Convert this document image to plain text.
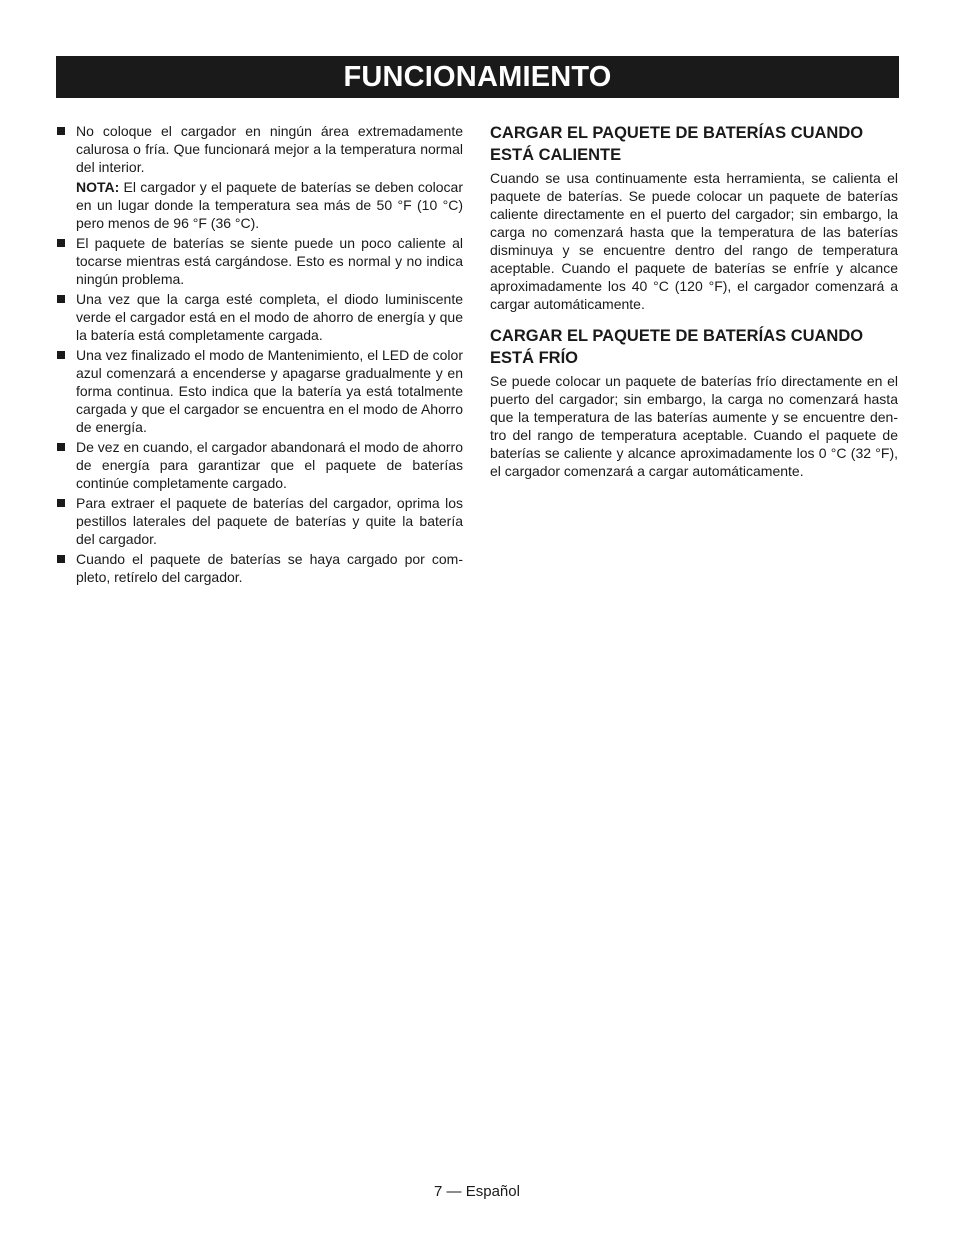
FUNCIONAMIENTO
No coloque el cargador en ningún área extremadamente calurosa o fría. Que funcionará mejor a la temperatura normal del interior.
NOTA: El cargador y el paquete de baterías se deben colocar en un lugar donde la temperatura sea más de 50 °F (10 °C) pero menos de 96 °F (36 °C).
El paquete de baterías se siente puede un poco caliente al tocarse mientras está cargándose. Esto es normal y no indica ningún problema.
Una vez que la carga esté completa, el diodo luminiscente verde el cargador está en el modo de ahorro de energía y que la batería está completamente cargada.
Una vez finalizado el modo de Mantenimiento, el LED de color azul comenzará a encenderse y apagarse gradualmente y en forma continua. Esto indica que la batería ya está totalmente cargada y que el cargador se encuentra en el modo de Ahorro de energía.
De vez en cuando, el cargador abandonará el modo de ahorro de energía para garantizar que el paquete de baterías continúe completamente cargado.
Para extraer el paquete de baterías del cargador, oprima los pestillos laterales del paquete de baterías y quite la batería del cargador.
Cuando el paquete de baterías se haya cargado por completo, retírelo del cargador.
CARGAR EL PAQUETE DE BATERÍAS CUANDO ESTÁ CALIENTE

Cuando se usa continuamente esta herramienta, se calienta el paquete de baterías. Se puede colocar un paquete de baterías caliente directamente en el puerto del cargador; sin embargo, la carga no comenzará hasta que la temperatura de las baterías disminuya y se encuentre dentro del rango de temperatura aceptable. Cuando el paquete de baterías se enfríe y alcance aproximadamente los 40 °C (120 °F), el cargador comenzará a cargar automáticamente.

CARGAR EL PAQUETE DE BATERÍAS CUANDO ESTÁ FRÍO

Se puede colocar un paquete de baterías frío directamente en el puerto del cargador; sin embargo, la carga no comenzará hasta que la temperatura de las baterías aumente y se encuentre dentro del rango de temperatura aceptable. Cuando el paquete de baterías se caliente y alcance aproximadamente los 0 °C (32 °F), el cargador comenzará a cargar automáticamente.

7 — Español
